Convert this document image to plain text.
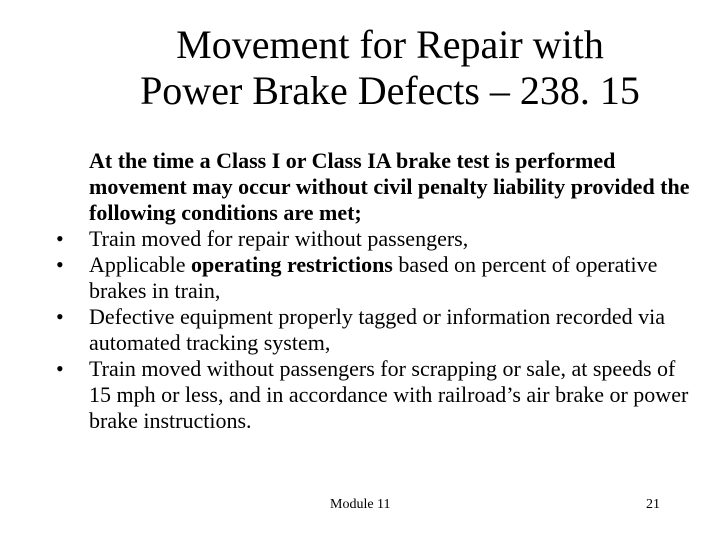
Movement for Repair with
Power Brake Defects – 238. 15

At the time a Class I or Class IA brake test is performed movement may occur without civil penalty liability provided the following conditions are met;

•	Train moved for repair without passengers,
•	Applicable operating restrictions based on percent of operative brakes in train,
•	Defective equipment properly tagged or information recorded via automated tracking system,
•	Train moved without passengers for scrapping or sale, at speeds of 15 mph or less, and in accordance with railroad’s air brake or power brake instructions.
Module 11	21
